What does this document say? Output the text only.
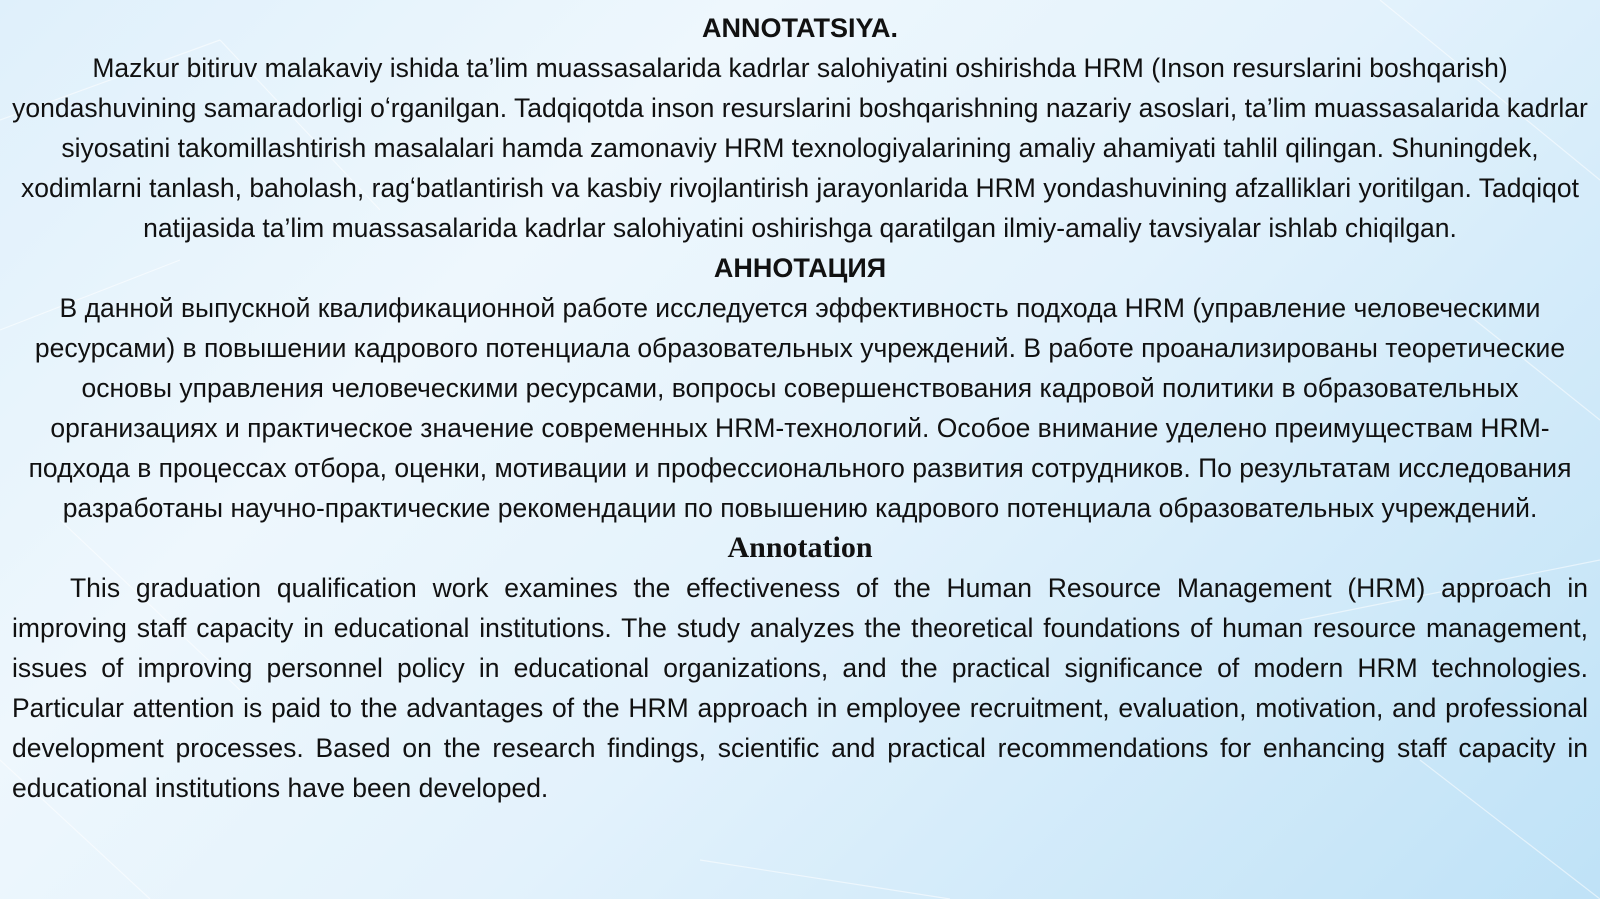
ANNOTATSIYA.

Mazkur bitiruv malakaviy ishida ta’lim muassasalarida kadrlar salohiyatini oshirishda HRM (Inson resurslarini boshqarish) yondashuvining samaradorligi oʻrganilgan. Tadqiqotda inson resurslarini boshqarishning nazariy asoslari, ta’lim muassasalarida kadrlar siyosatini takomillashtirish masalalari hamda zamonaviy HRM texnologiyalarining amaliy ahamiyati tahlil qilingan. Shuningdek, xodimlarni tanlash, baholash, ragʻbatlantirish va kasbiy rivojlantirish jarayonlarida HRM yondashuvining afzalliklari yoritilgan. Tadqiqot natijasida ta’lim muassasalarida kadrlar salohiyatini oshirishga qaratilgan ilmiy-amaliy tavsiyalar ishlab chiqilgan.

АННОТАЦИЯ

В данной выпускной квалификационной работе исследуется эффективность подхода HRM (управление человеческими ресурсами) в повышении кадрового потенциала образовательных учреждений. В работе проанализированы теоретические основы управления человеческими ресурсами, вопросы совершенствования кадровой политики в образовательных организациях и практическое значение современных HRM-технологий. Особое внимание уделено преимуществам HRM-подхода в процессах отбора, оценки, мотивации и профессионального развития сотрудников. По результатам исследования разработаны научно-практические рекомендации по повышению кадрового потенциала образовательных учреждений.

Annotation

This graduation qualification work examines the effectiveness of the Human Resource Management (HRM) approach in improving staff capacity in educational institutions. The study analyzes the theoretical foundations of human resource management, issues of improving personnel policy in educational organizations, and the practical significance of modern HRM technologies. Particular attention is paid to the advantages of the HRM approach in employee recruitment, evaluation, motivation, and professional development processes. Based on the research findings, scientific and practical recommendations for enhancing staff capacity in educational institutions have been developed.
